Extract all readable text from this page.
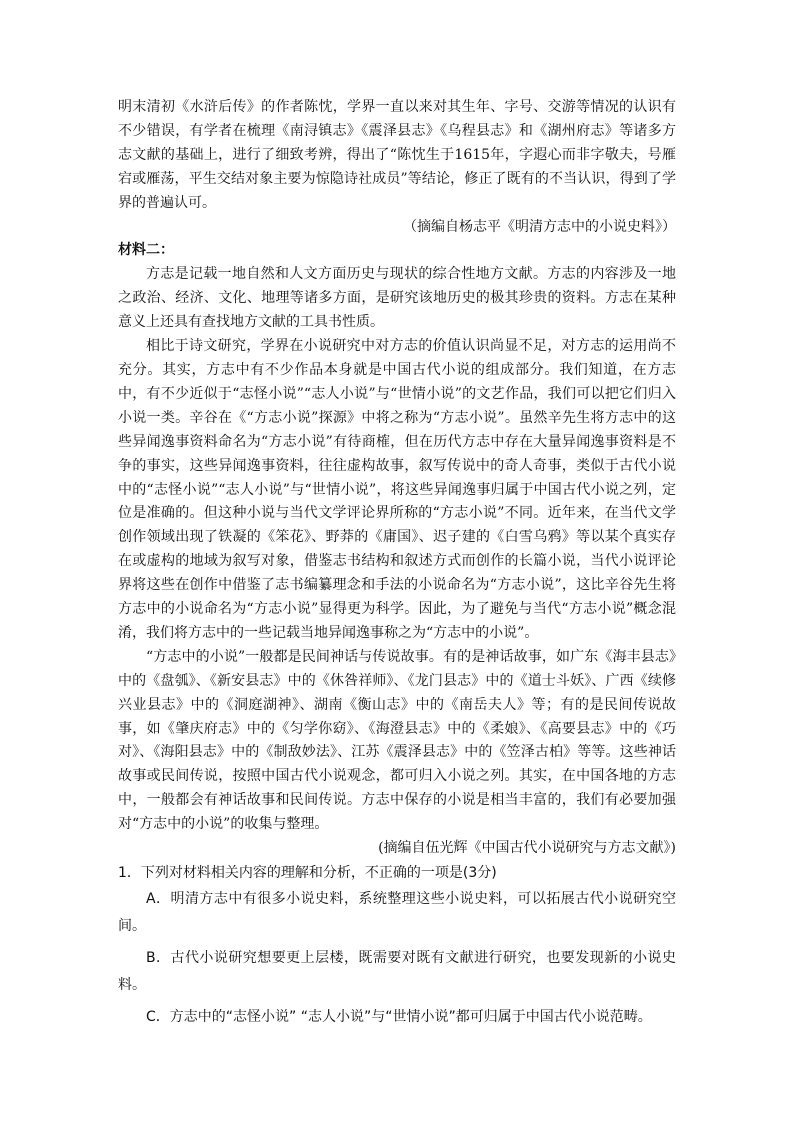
明末清初《水浒后传》的作者陈忱，学界一直以来对其生年、字号、交游等情况的认识有不少错误，有学者在梳理《南浔镇志》《震泽县志》《乌程县志》和《湖州府志》等诸多方志文献的基础上，进行了细致考辨，得出了“陈忱生于1615年，字遐心而非字敬夫，号雁宕或雁荡，平生交结对象主要为惊隐诗社成员”等结论，修正了既有的不当认识，得到了学界的普遍认可。

（摘编自杨志平《明清方志中的小说史料》）

材料二：

方志是记载一地自然和人文方面历史与现状的综合性地方文献。方志的内容涉及一地之政治、经济、文化、地理等诸多方面，是研究该地历史的极其珍贵的资料。方志在某种意义上还具有查找地方文献的工具书性质。

相比于诗文研究，学界在小说研究中对方志的价值认识尚显不足，对方志的运用尚不充分。其实，方志中有不少作品本身就是中国古代小说的组成部分。我们知道，在方志中，有不少近似于“志怪小说”“志人小说”与“世情小说”的文艺作品，我们可以把它们归入小说一类。辛谷在《“方志小说”探源》中将之称为“方志小说”。虽然辛先生将方志中的这些异闻逸事资料命名为“方志小说”有待商榷，但在历代方志中存在大量异闻逸事资料是不争的事实，这些异闻逸事资料，往往虚构故事，叙写传说中的奇人奇事，类似于古代小说中的“志怪小说”“志人小说”与“世情小说”，将这些异闻逸事归属于中国古代小说之列，定位是准确的。但这种小说与当代文学评论界所称的“方志小说”不同。近年来，在当代文学创作领域出现了铁凝的《笨花》、野莽的《庸国》、迟子建的《白雪乌鸦》等以某个真实存在或虚构的地域为叙写对象，借鉴志书结构和叙述方式而创作的长篇小说，当代小说评论界将这些在创作中借鉴了志书编纂理念和手法的小说命名为“方志小说”，这比辛谷先生将方志中的小说命名为“方志小说”显得更为科学。因此，为了避免与当代“方志小说”概念混淆，我们将方志中的一些记载当地异闻逸事称之为“方志中的小说”。

“方志中的小说”一般都是民间神话与传说故事。有的是神话故事，如广东《海丰县志》中的《盘瓠》、《新安县志》中的《休咎祥师》、《龙门县志》中的《道士斗妖》、广西《续修兴业县志》中的《洞庭湖神》、湖南《衡山志》中的《南岳夫人》等；有的是民间传说故事，如《肇庆府志》中的《匀学你窈》、《海澄县志》中的《柔娘》、《高要县志》中的《巧对》、《海阳县志》中的《制敌妙法》、江苏《震泽县志》中的《笠泽古柏》等等。这些神话故事或民间传说，按照中国古代小说观念，都可归入小说之列。其实，在中国各地的方志中，一般都会有神话故事和民间传说。方志中保存的小说是相当丰富的，我们有必要加强对“方志中的小说”的收集与整理。

(摘编自伍光辉《中国古代小说研究与方志文献》)

1．下列对材料相关内容的理解和分析，不正确的一项是(3分)

A．明清方志中有很多小说史料，系统整理这些小说史料，可以拓展古代小说研究空间。

B．古代小说研究想要更上层楼，既需要对既有文献进行研究，也要发现新的小说史料。

C．方志中的“志怪小说” “志人小说”与“世情小说”都可归属于中国古代小说范畴。
